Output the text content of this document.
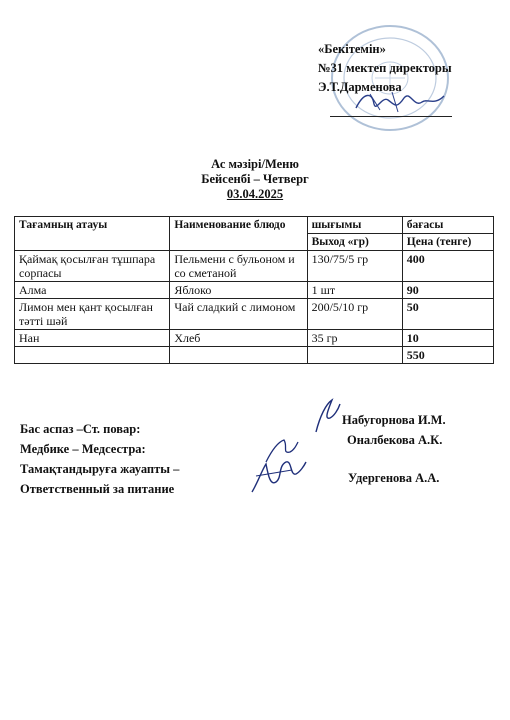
«Бекітемін»
№31 мектеп директоры
Э.Т.Дарменова
Ас мәзірі/Меню
Бейсенбі – Четверг
03.04.2025
Тағамның атауы	Наименование блюдо	шығымы	бағасы
		Выход «гр)	Цена (тенге)
Қаймақ қосылған тұшпара сорпасы	Пельмени с бульоном и со сметаной	130/75/5 гр	400
Алма	Яблоко	1 шт	90
Лимон мен қант қосылған тәтті шәй	Чай сладкий с лимоном	200/5/10 гр	50
Нан	Хлеб	35 гр	10
			550
Бас аспаз –Ст. повар:
Медбике – Медсестра:
Тамақтандыруға жауапты –
Ответственный за питание
Набугорнова И.М.
Оналбекова А.К.
Удергенова А.А.
